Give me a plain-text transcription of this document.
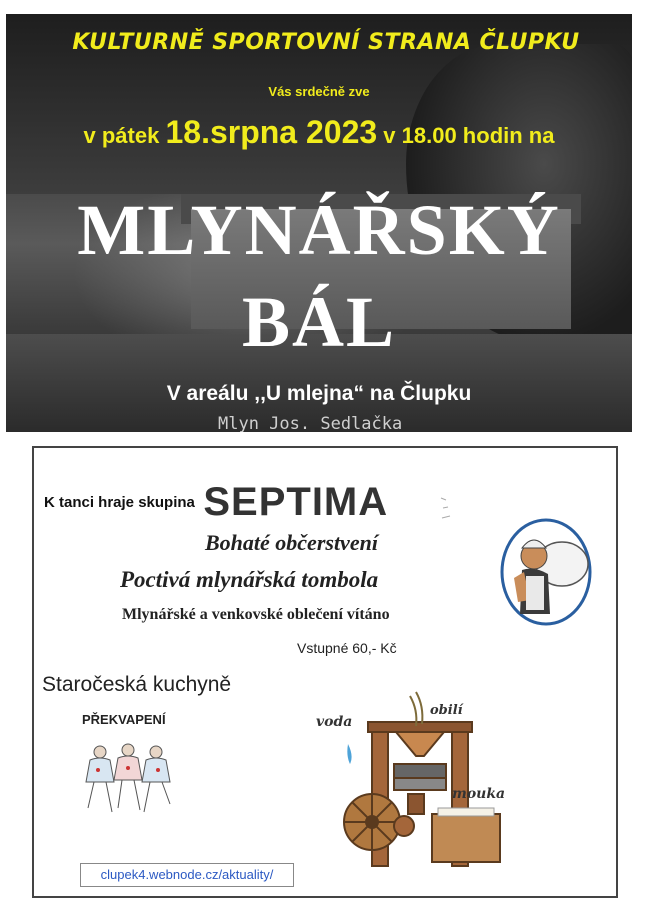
KULTURNĚ SPORTOVNÍ STRANA ČLUPKU
Vás srdečně zve
v pátek 18.srpna 2023 v 18.00 hodin na
MLYNÁŘSKÝ
BÁL
V areálu ,,U mlejna“ na Člupku
Mlyn Jos. Sedlačka
K tanci hraje skupina SEPTIMA
Bohaté občerstvení
Poctivá mlynářská tombola
Mlynářské a venkovské oblečení vítáno
Vstupné 60,- Kč
Staročeská kuchyně
PŘEKVAPENÍ	voda
obilí
mouka
clupek4.webnode.cz/aktuality/
